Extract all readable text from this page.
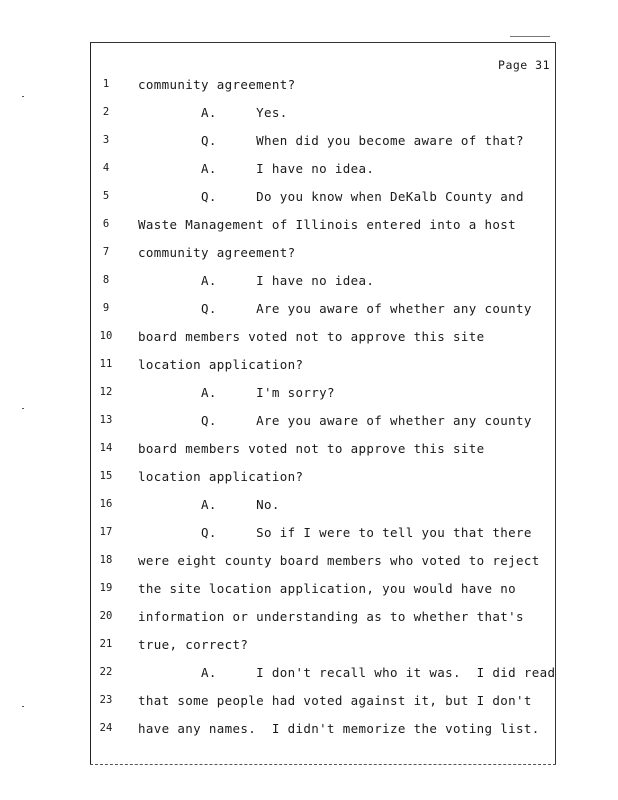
Page 31
1	community agreement?
2	A.     Yes.
3	Q.     When did you become aware of that?
4	A.     I have no idea.
5	Q.     Do you know when DeKalb County and
6	Waste Management of Illinois entered into a host
7	community agreement?
8	A.     I have no idea.
9	Q.     Are you aware of whether any county
10 board members voted not to approve this site
11 location application?
12 A.     I'm sorry?
13 Q.     Are you aware of whether any county
14 board members voted not to approve this site
15 location application?
16 A.     No.
17 Q.     So if I were to tell you that there
18 were eight county board members who voted to reject
19 the site location application, you would have no
20 information or understanding as to whether that's
21 true, correct?
22 A.     I don't recall who it was.  I did read
23 that some people had voted against it, but I don't
24 have any names.  I didn't memorize the voting list.
